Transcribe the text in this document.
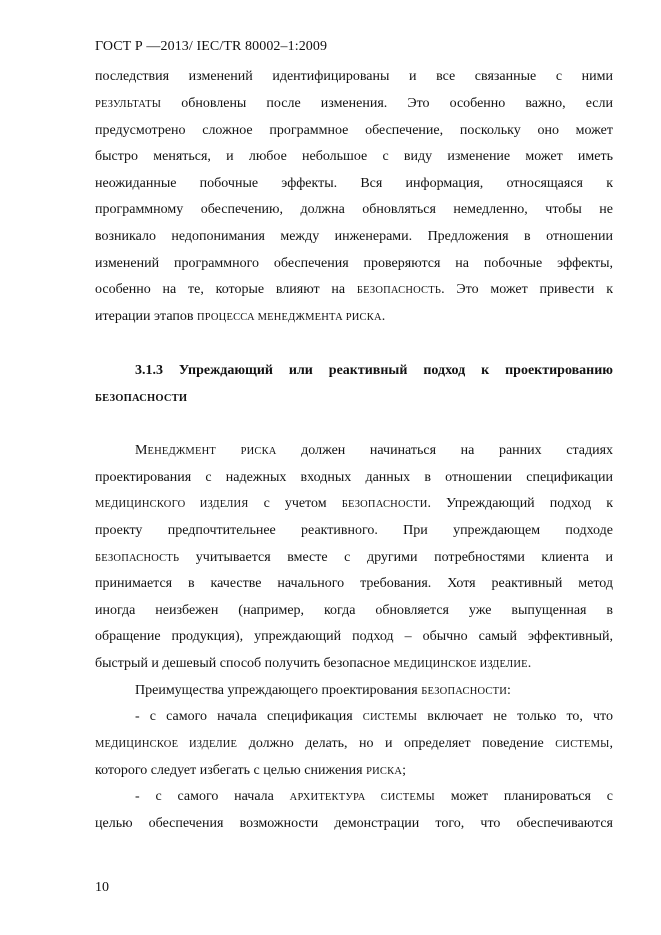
ГОСТ Р —2013/ IEC/TR 80002–1:2009
последствия изменений идентифицированы и все связанные с ними
РЕЗУЛЬТАТЫ обновлены после изменения. Это особенно важно, если
предусмотрено сложное программное обеспечение, поскольку оно может
быстро меняться, и любое небольшое с виду изменение может иметь
неожиданные побочные эффекты. Вся информация, относящаяся к
программному обеспечению, должна обновляться немедленно, чтобы не
возникало недопонимания между инженерами. Предложения в отношении
изменений программного обеспечения проверяются на побочные эффекты,
особенно на те, которые влияют на БЕЗОПАСНОСТЬ. Это может привести к
итерации этапов ПРОЦЕССА МЕНЕДЖМЕНТА РИСКА.
3.1.3 Упреждающий или реактивный подход к проектированию
БЕЗОПАСНОСТИ
МЕНЕДЖМЕНТ РИСКА должен начинаться на ранних стадиях
проектирования с надежных входных данных в отношении спецификации
МЕДИЦИНСКОГО ИЗДЕЛИЯ с учетом БЕЗОПАСНОСТИ. Упреждающий подход к
проекту предпочтительнее реактивного. При упреждающем подходе
БЕЗОПАСНОСТЬ учитывается вместе с другими потребностями клиента и
принимается в качестве начального требования. Хотя реактивный метод
иногда неизбежен (например, когда обновляется уже выпущенная в
обращение продукция), упреждающий подход – обычно самый эффективный,
быстрый и дешевый способ получить безопасное МЕДИЦИНСКОЕ ИЗДЕЛИЕ.
Преимущества упреждающего проектирования БЕЗОПАСНОСТИ:
- с самого начала спецификация СИСТЕМЫ включает не только то, что
МЕДИЦИНСКОЕ ИЗДЕЛИЕ должно делать, но и определяет поведение СИСТЕМЫ,
которого следует избегать с целью снижения РИСКА;
- с самого начала АРХИТЕКТУРА СИСТЕМЫ может планироваться с
целью обеспечения возможности демонстрации того, что обеспечиваются
10
